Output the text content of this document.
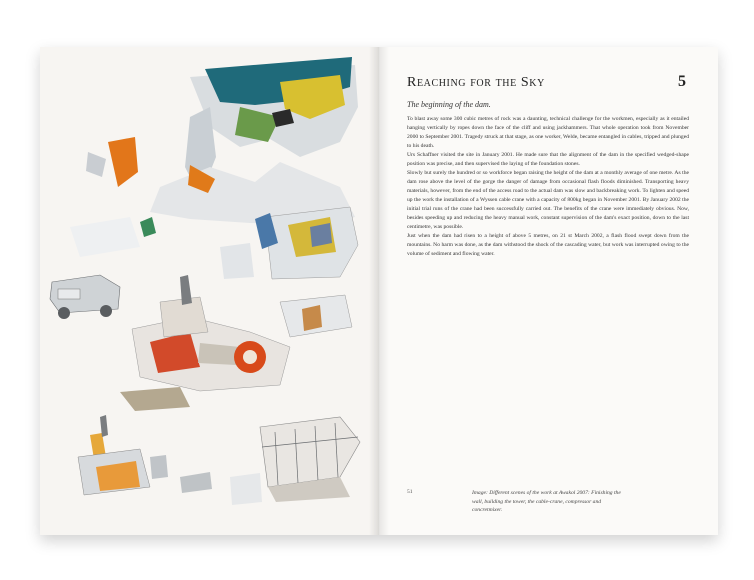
Reaching for the Sky	5
The beginning of the dam.

To blast away some 300 cubic metres of rock was a daunting, technical challenge for the workmen, especially as it entailed hanging vertically by ropes down the face of the cliff and using jackhammers. That whole operation took from November 2000 to September 2001. Tragedy struck at that stage, as one worker, Welde, became entangled in cables, tripped and plunged to his death.

Urs Schaffner visited the site in January 2001. He made sure that the alignment of the dam in the specified wedged-shape position was precise, and then supervised the laying of the foundation stones.

Slowly but surely the hundred or so workforce began raising the height of the dam at a monthly average of one metre. As the dam rose above the level of the gorge the danger of damage from occasional flash floods diminished. Transporting heavy materials, however, from the end of the access road to the actual dam was slow and backbreaking work. To lighten and speed up the work the installation of a Wyssen cable crane with a capacity of 800kg began in November 2001. By January 2002 the initial trial runs of the crane had been successfully carried out. The benefits of the crane were immediately obvious. Now, besides speeding up and reducing the heavy manual work, constant supervision of the dam's exact position, down to the last centimetre, was possible.

Just when the dam had risen to a height of above 5 metres, on 21 st March 2002, a flash flood swept down from the mountains. No harm was done, as the dam withstood the shock of the cascading water, but work was interrupted owing to the volume of sediment and flowing water.

51	Image: Different scenes of the work at Awakol 2007: Finishing the wall, building the tower, the cable-crane, compressor and concretmixer.
